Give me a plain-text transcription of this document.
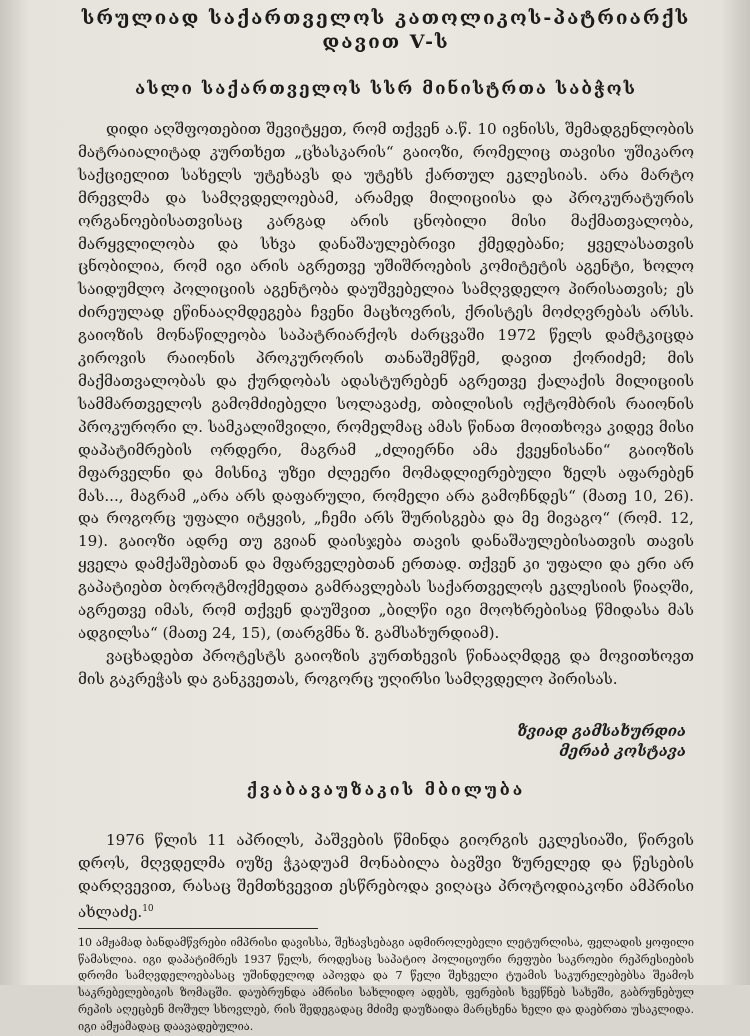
სრულიად საქართველოს კათოლიკოს-პატრიარქს
დავით V-ს
ასლი საქართველოს სსრ მინისტრთა საბჭოს

დიდი აღშფოთებით შევიტყეთ, რომ თქვენ ა.წ. 10 ივნისს, შემადგენლობის მატრაიალიტად კურთხეთ „ცხასკარის“ გაიოზი, რომელიც თავისი უშიკარო საქციელით სახელს უტეხავს და უტეხს ქართულ ეკლესიას. არა მარტო მრევლმა და სამღვდელოებამ, არამედ მილიციისა და პროკურატურის ორგანოებისათვისაც კარგად არის ცნობილი მისი მაქმათვალობა, მარყვლილობა და სხვა დანაშაულებრივი ქმედებანი; ყველასათვის ცნობილია, რომ იგი არის აგრეთვე უშიშროების კომიტეტის აგენტი, ხოლო საიდუმლო პოლიციის აგენტობა დაუშვებელია სამღვდელო პირისათვის; ეს ძირეულად ეწინააღმდეგება ჩვენი მაცხოვრის, ქრისტეს მოძღვრებას არსს. გაიოზის მონაწილეობა საპატრიარქოს ძარცვაში 1972 წელს დამტკიცდა კიროვის რაიონის პროკურორის თანაშემწემ, დავით ქორიძემ; მის მაქმათვალობას და ქურდობას ადასტურებენ აგრეთვე ქალაქის მილიციის სამმართველოს გამომძიებელი სოლავაძე, თბილისის ოქტომბრის რაიონის პროკურორი ლ. სამკალიშვილი, რომელმაც ამას წინათ მოითხოვა კიდევ მისი დაპატიმრების ორდერი, მაგრამ „ძლიერნი ამა ქვეყნისანი“ გაიოზის მფარველნი და მისნიკ უზეი ძლეერი მომადლიერებული ზელს აფარებენ მას..., მაგრამ „არა არს დაფარული, რომელი არა გამოჩნდეს“ (მათე 10, 26). და როგორც უფალი იტყვის, „ჩემი არს შურისგება და მე მივაგო“ (რომ. 12, 19). გაიოზი ადრე თუ გვიან დაისჯება თავის დანაშაულებისათვის თავის ყველა დამქაშებთან და მფარველებთან ერთად. თქვენ კი უფალი და ერი არ გაპატიებთ ბოროტმოქმედთა გამრავლებას საქართველოს ეკლესიის წიაღში, აგრეთვე იმას, რომ თქვენ დაუშვით „ბილწი იგი მოოხრებისაჲ წმიდასა მას ადგილსა“ (მათე 24, 15), (თარგმნა ზ. გამსახურდიამ).

ვაცხადებთ პროტესტს გაიოზის კურთხევის წინააღმდეგ და მოვითხოვთ მის გაკრეჭას და განკვეთას, როგორც უღირსი სამღვდელო პირისას.

ზვიად გამსახურდია
მერაბ კოსტავა
ქვაბავაუზაკის მბილუბა

1976 წლის 11 აპრილს, პაშვების წმინდა გიორგის ეკლესიაში, წირვის დროს, მღვდელმა იუზე ჭკადუამ მონაბილა ბავშვი ზურელედ და წესების დარღვევით, რასაც შემთხვევით ესწრებოდა ვიღაცა პროტოდიაკონი ამპრისი ახლაძე.$^{10}$

10 ამჟამად ბანდამწვრები იმპრისი დავისსა, შეხავსებაგი ადმიროლებელი ლეტურლისა, ფელადის ყოფილი წამასლია. იგი დაპატიმრეს 1937 წელს, როდესაც საპატიო პოლიციური რეფუბი საკროები რეპრესიების დრომი სამღვდელოებასაც უშინდელოდ აპოვდა და 7 წელი შეხველი ტუამის საკურელებებსა შეამოს საკრებელებიკის ზომაცში. დაუბრუნდა ამრისი სახლიდო ადებს, ფერების ხვეწნებ სახეში, გაბრუნებულ რეპის აღეცბენ მოშულ სხოვლებ, რის შედეგადაც მძიმე დაუზაიდა მარცხენა ხელი და დაებრთა უსაკლიდა. იგი ამჟამადაც დაავადებულია.
